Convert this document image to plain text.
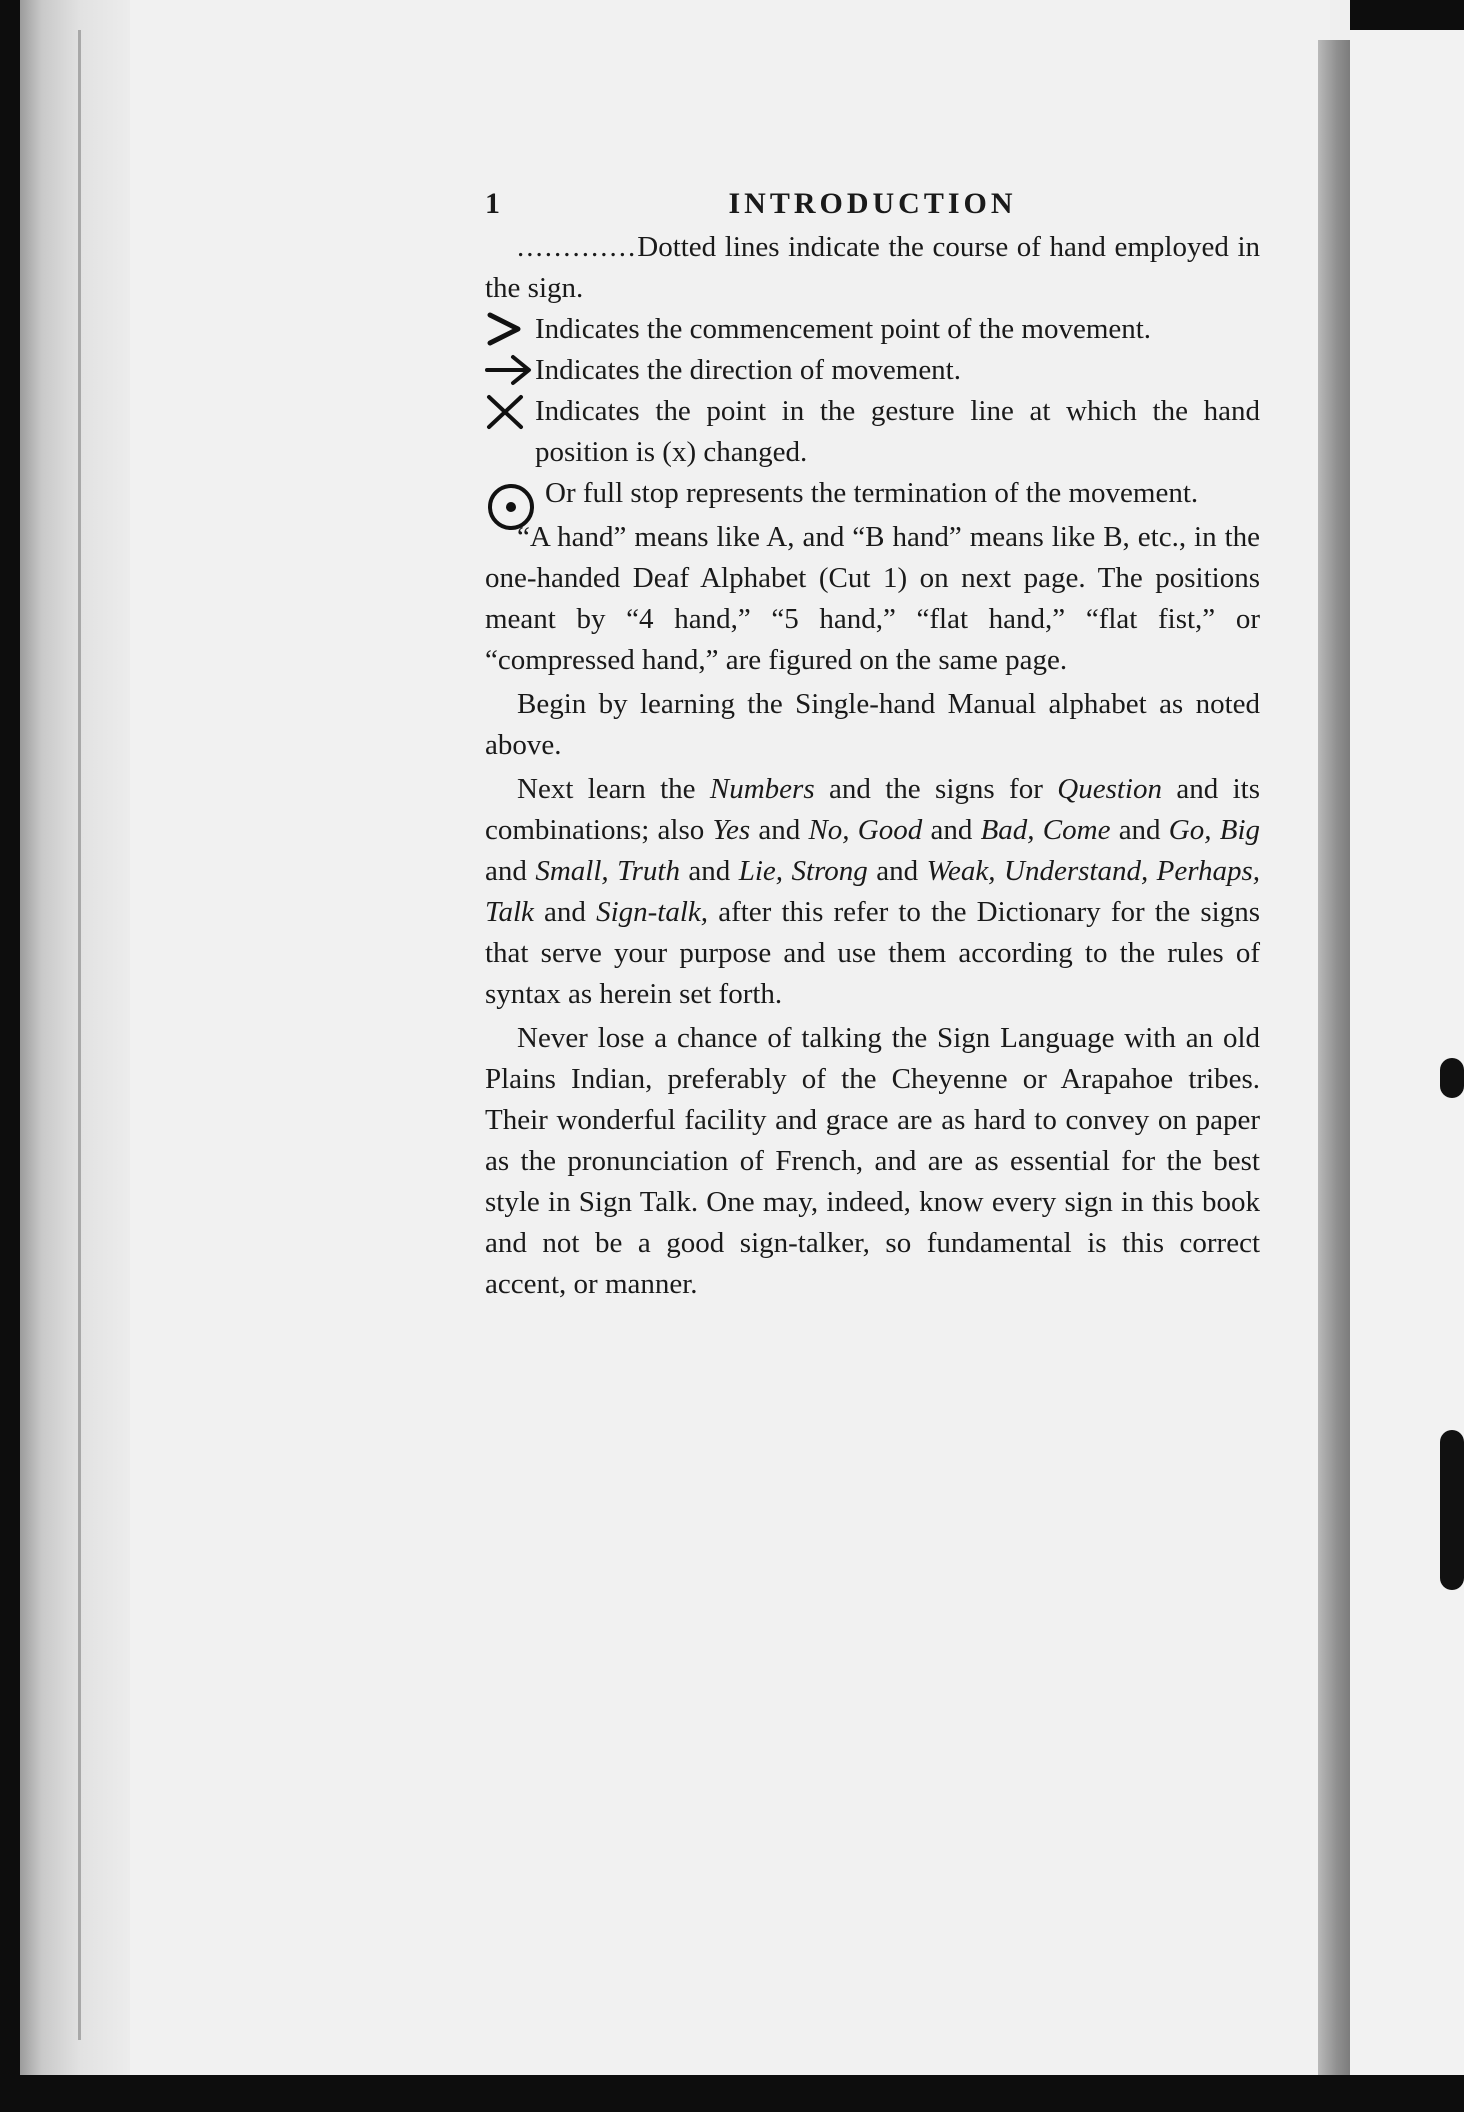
1	INTRODUCTION

.............Dotted lines indicate the course of hand employed in the sign.

Indicates the commencement point of the movement.

Indicates the direction of movement.

Indicates the point in the gesture line at which the hand position is (x) changed.

Or full stop represents the termination of the movement.

“A hand” means like A, and “B hand” means like B, etc., in the one-handed Deaf Alphabet (Cut 1) on next page. The positions meant by “4 hand,” “5 hand,” “flat hand,” “flat fist,” or “compressed hand,” are figured on the same page.

Begin by learning the Single-hand Manual alphabet as noted above.

Next learn the Numbers and the signs for Question and its combinations; also Yes and No, Good and Bad, Come and Go, Big and Small, Truth and Lie, Strong and Weak, Understand, Perhaps, Talk and Sign-talk, after this refer to the Dictionary for the signs that serve your purpose and use them according to the rules of syntax as herein set forth.

Never lose a chance of talking the Sign Language with an old Plains Indian, preferably of the Cheyenne or Arapahoe tribes. Their wonderful facility and grace are as hard to convey on paper as the pronunciation of French, and are as essential for the best style in Sign Talk. One may, indeed, know every sign in this book and not be a good sign-talker, so fundamental is this correct accent, or manner.
